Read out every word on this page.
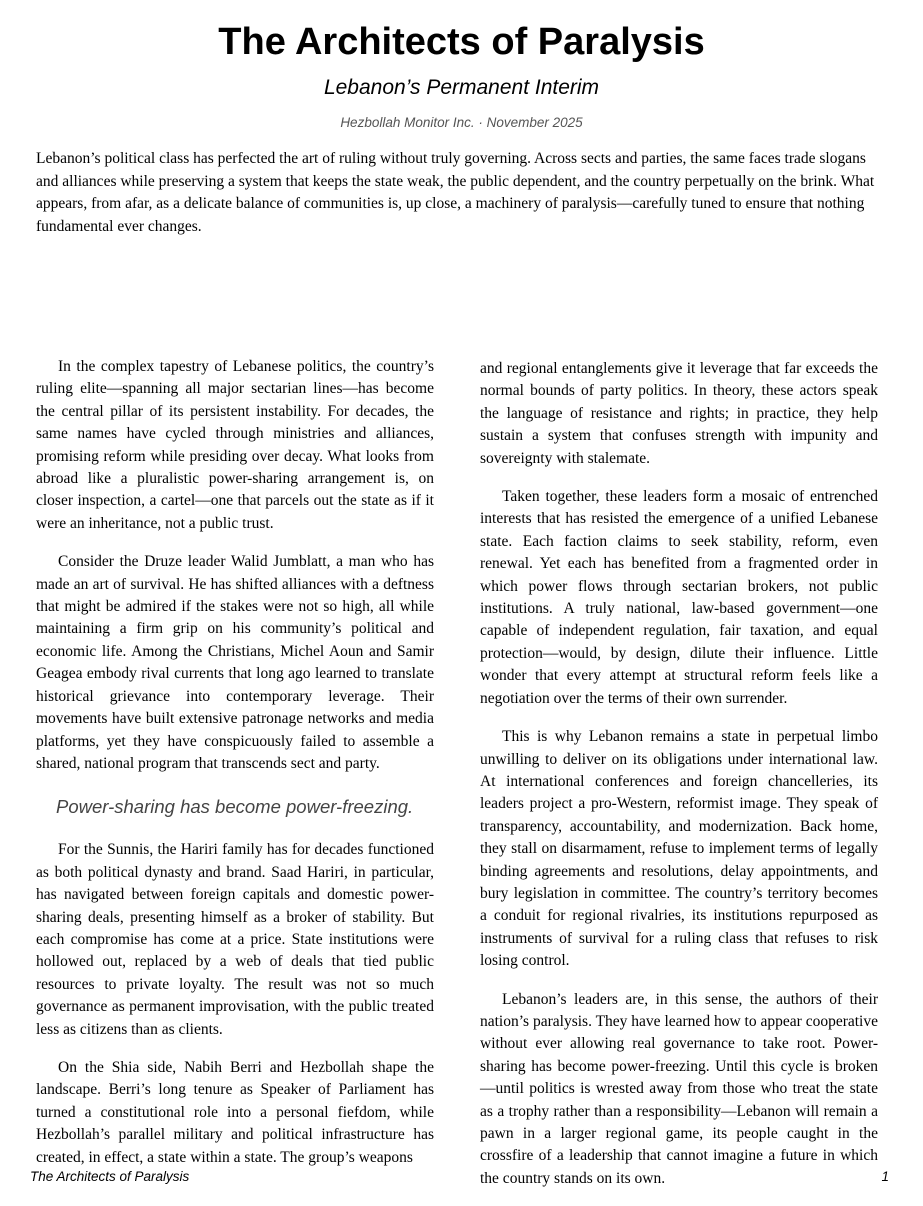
The Architects of Paralysis
Lebanon’s Permanent Interim
Hezbollah Monitor Inc. · November 2025

Lebanon’s political class has perfected the art of ruling without truly governing. Across sects and parties, the same faces trade slogans and alliances while preserving a system that keeps the state weak, the public dependent, and the country perpetually on the brink. What appears, from afar, as a delicate balance of communities is, up close, a machinery of paralysis—carefully tuned to ensure that nothing fundamental ever changes.

In the complex tapestry of Lebanese politics, the country’s ruling elite—spanning all major sectarian lines—has become the central pillar of its persistent instability. For decades, the same names have cycled through ministries and alliances, promising reform while presiding over decay. What looks from abroad like a pluralistic power-sharing arrangement is, on closer inspection, a cartel—one that parcels out the state as if it were an inheritance, not a public trust.

Consider the Druze leader Walid Jumblatt, a man who has made an art of survival. He has shifted alliances with a deftness that might be admired if the stakes were not so high, all while maintaining a firm grip on his community’s political and economic life. Among the Christians, Michel Aoun and Samir Geagea embody rival currents that long ago learned to translate historical grievance into contemporary leverage. Their movements have built extensive patronage networks and media platforms, yet they have conspicuously failed to assemble a shared, national program that transcends sect and party.

Power-sharing has become power-freezing.

For the Sunnis, the Hariri family has for decades functioned as both political dynasty and brand. Saad Hariri, in particular, has navigated between foreign capitals and domestic power-sharing deals, presenting himself as a broker of stability. But each compromise has come at a price. State institutions were hollowed out, replaced by a web of deals that tied public resources to private loyalty. The result was not so much governance as permanent improvisation, with the public treated less as citizens than as clients.

On the Shia side, Nabih Berri and Hezbollah shape the landscape. Berri’s long tenure as Speaker of Parliament has turned a constitutional role into a personal fiefdom, while Hezbollah’s parallel military and political infrastructure has created, in effect, a state within a state. The group’s weapons

and regional entanglements give it leverage that far exceeds the normal bounds of party politics. In theory, these actors speak the language of resistance and rights; in practice, they help sustain a system that confuses strength with impunity and sovereignty with stalemate.

Taken together, these leaders form a mosaic of entrenched interests that has resisted the emergence of a unified Lebanese state. Each faction claims to seek stability, reform, even renewal. Yet each has benefited from a fragmented order in which power flows through sectarian brokers, not public institutions. A truly national, law-based government—one capable of independent regulation, fair taxation, and equal protection—would, by design, dilute their influence. Little wonder that every attempt at structural reform feels like a negotiation over the terms of their own surrender.

This is why Lebanon remains a state in perpetual limbo unwilling to deliver on its obligations under international law. At international conferences and foreign chancelleries, its leaders project a pro-Western, reformist image. They speak of transparency, accountability, and modernization. Back home, they stall on disarmament, refuse to implement terms of legally binding agreements and resolutions, delay appointments, and bury legislation in committee. The country’s territory becomes a conduit for regional rivalries, its institutions repurposed as instruments of survival for a ruling class that refuses to risk losing control.

Lebanon’s leaders are, in this sense, the authors of their nation’s paralysis. They have learned how to appear cooperative without ever allowing real governance to take root. Power-sharing has become power-freezing. Until this cycle is broken—until politics is wrested away from those who treat the state as a trophy rather than a responsibility—Lebanon will remain a pawn in a larger regional game, its people caught in the crossfire of a leadership that cannot imagine a future in which the country stands on its own.

The Architects of Paralysis	1
